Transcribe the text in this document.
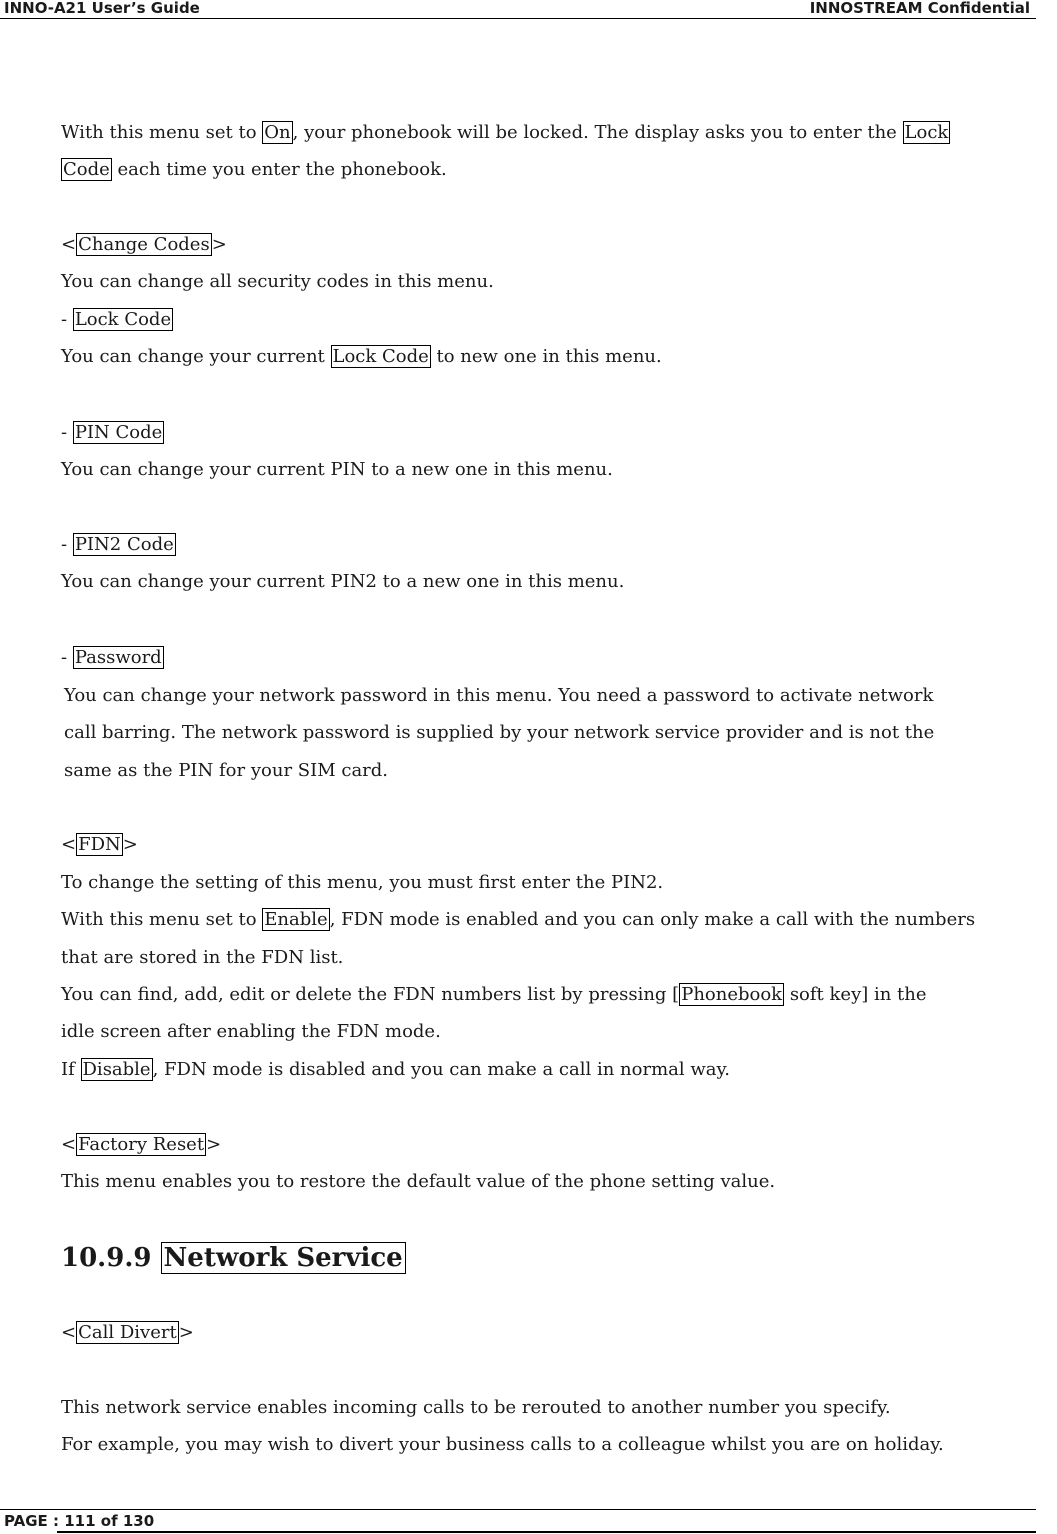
INNO-A21 User’s Guide	INNOSTREAM Confidential
With this menu set to On , your phonebook will be locked. The display asks you to enter the Lock
Code each time you enter the phonebook.
< Change Codes >
You can change all security codes in this menu.
- Lock Code
You can change your current Lock Code to new one in this menu.
- PIN Code
You can change your current PIN to a new one in this menu.
- PIN2 Code
You can change your current PIN2 to a new one in this menu.
- Password
You can change your network password in this menu. You need a password to activate network
call barring. The network password is supplied by your network service provider and is not the
same as the PIN for your SIM card.
< FDN >
To change the setting of this menu, you must first enter the PIN2.
With this menu set to Enable , FDN mode is enabled and you can only make a call with the numbers
that are stored in the FDN list.
You can find, add, edit or delete the FDN numbers list by pressing [ Phonebook soft key] in the
idle screen after enabling the FDN mode.
If Disable , FDN mode is disabled and you can make a call in normal way.
< Factory Reset >
This menu enables you to restore the default value of the phone setting value.
10.9.9 Network Service
< Call Divert >
This network service enables incoming calls to be rerouted to another number you specify.
For example, you may wish to divert your business calls to a colleague whilst you are on holiday.
PAGE : 111 of 130
